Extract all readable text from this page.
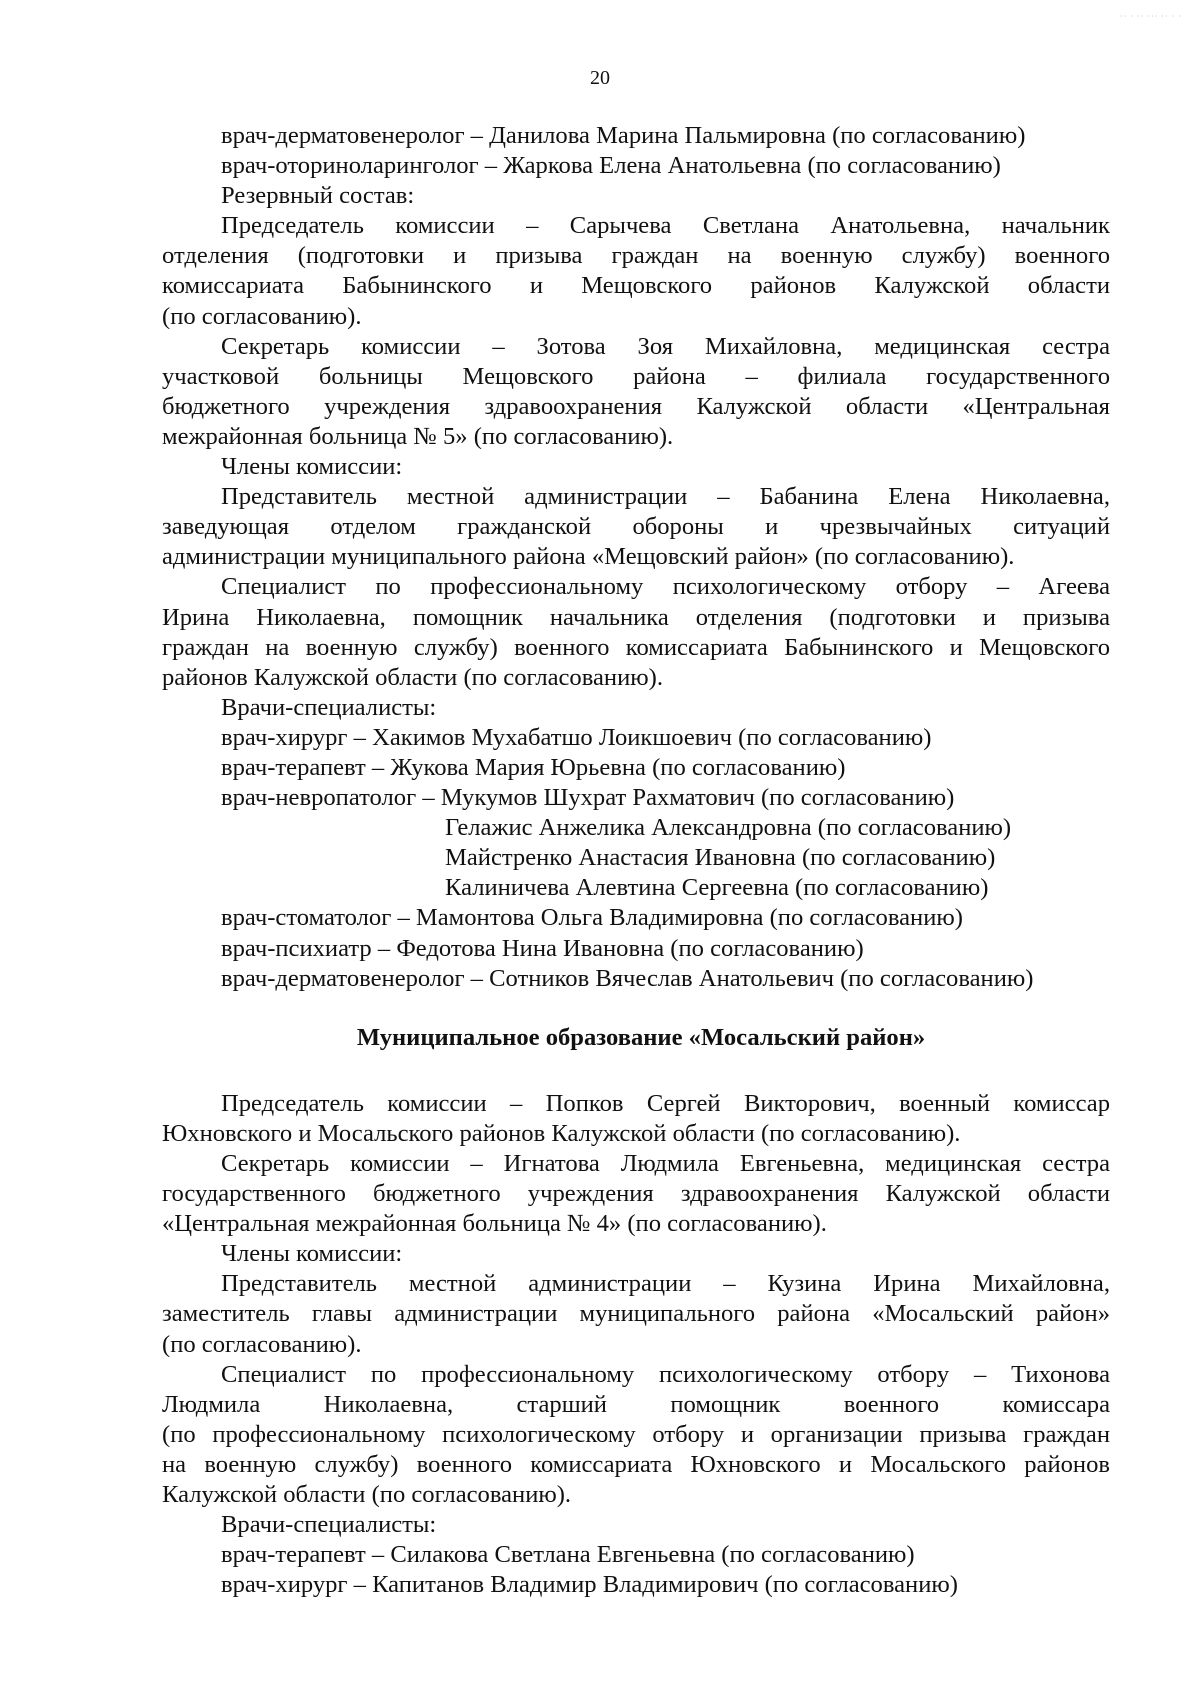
·· · ·· ··· ·· · ·
20
врач-дерматовенеролог – Данилова Марина Пальмировна (по согласованию)
врач-оториноларинголог – Жаркова Елена Анатольевна (по согласованию)
Резервный состав:
Председатель комиссии – Сарычева Светлана Анатольевна, начальник
отделения (подготовки и призыва граждан на военную службу) военного
комиссариата Бабынинского и Мещовского районов Калужской области
(по согласованию).
Секретарь комиссии – Зотова Зоя Михайловна, медицинская сестра
участковой больницы Мещовского района – филиала государственного
бюджетного учреждения здравоохранения Калужской области «Центральная
межрайонная больница № 5» (по согласованию).
Члены комиссии:
Представитель местной администрации – Бабанина Елена Николаевна,
заведующая отделом гражданской обороны и чрезвычайных ситуаций
администрации муниципального района «Мещовский район» (по согласованию).
Специалист по профессиональному психологическому отбору – Агеева
Ирина Николаевна, помощник начальника отделения (подготовки и призыва
граждан на военную службу) военного комиссариата Бабынинского и Мещовского
районов Калужской области (по согласованию).
Врачи-специалисты:
врач-хирург – Хакимов Мухабатшо Лоикшоевич (по согласованию)
врач-терапевт – Жукова Мария Юрьевна (по согласованию)
врач-невропатолог – Мукумов Шухрат Рахматович (по согласованию)
Гелажис Анжелика Александровна (по согласованию)
Майстренко Анастасия Ивановна (по согласованию)
Калиничева Алевтина Сергеевна (по согласованию)
врач-стоматолог – Мамонтова Ольга Владимировна (по согласованию)
врач-психиатр – Федотова Нина Ивановна (по согласованию)
врач-дерматовенеролог – Сотников Вячеслав Анатольевич (по согласованию)
Муниципальное образование «Мосальский район»
Председатель комиссии – Попков Сергей Викторович, военный комиссар
Юхновского и Мосальского районов Калужской области (по согласованию).
Секретарь комиссии – Игнатова Людмила Евгеньевна, медицинская сестра
государственного бюджетного учреждения здравоохранения Калужской области
«Центральная межрайонная больница № 4» (по согласованию).
Члены комиссии:
Представитель местной администрации – Кузина Ирина Михайловна,
заместитель главы администрации муниципального района «Мосальский район»
(по согласованию).
Специалист по профессиональному психологическому отбору – Тихонова
Людмила Николаевна, старший помощник военного комиссара
(по профессиональному психологическому отбору и организации призыва граждан
на военную службу) военного комиссариата Юхновского и Мосальского районов
Калужской области (по согласованию).
Врачи-специалисты:
врач-терапевт – Силакова Светлана Евгеньевна (по согласованию)
врач-хирург – Капитанов Владимир Владимирович (по согласованию)
